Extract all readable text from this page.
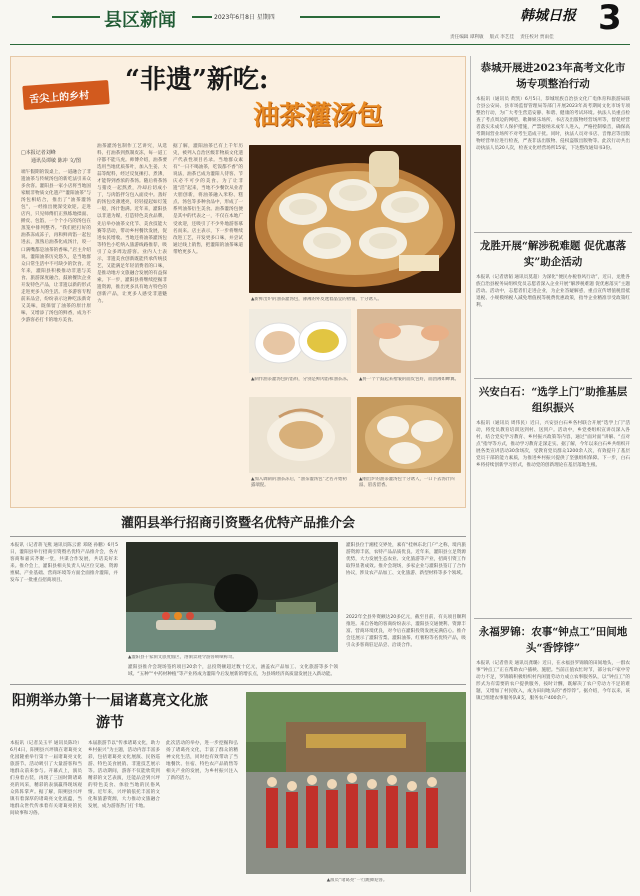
县区新闻	2023年6月8日 星期四	韩城日报 3
责任编辑 谭利敏 版式 李艺佳 责任校对 贾雨佳
舌尖上的乡村
“非遗”新吃:
油茶灌汤包
□本报记者刘峰
通讯员谭敏 陈冲 文/图
端午假期的饭桌上，一道融合了非遗油茶与传统汤包的新吃法引来众多食客。灌阳县一家小店将当地国家级非物质文化遗产“灌阳油茶”与汤包相结合，推出了“油茶灌汤包”，一经推出便深受欢迎。走进店内，只见师傅们正熟练地揉面、擀皮、包馅，一个个小巧的汤包在蒸笼中排列整齐。“我们把打好的油茶冻成冻子，再和鲜肉馅一起包进去，蒸熟后油茶化成汤汁，咬一口满嘴都是油茶的香味。”店主介绍说。灌阳油茶历史悠久，是当地群众日常生活中不可缺少的饮食。近年来，灌阳县积极推动非遗与美食、旅游深度融合，鼓励餐饮企业开发特色产品，让非遗以新的形式走进更多人的生活。许多游客专程前来品尝，纷纷表示这种吃法新奇又美味，既保留了油茶的原汁原味，又增添了汤包的鲜香，成为不少游客必打卡的地方美食。
油茶灌汤包制作工艺讲究，从选料、打油茶到熬制皮冻，每一道工序都不能马虎。师傅介绍，油茶要选用当地优质茶叶，加入生姜、大蒜等配料，经过反复捶打、煮沸，才能得到香浓的茶汤。随后将茶汤与猪皮一起熬煮，冷却后切成小丁，与肉馅拌匀包入面皮中。蒸好的汤包皮薄透亮，轻轻提起如灯笼一般，汤汁饱满。近年来，灌阳县以非遗为媒，打造特色美食品牌，先后举办油茶文化节、美食技能大赛等活动，带动乡村餐饮发展，促进农民增收。当地还将油茶灌汤包等特色小吃纳入旅游线路推荐，吸引了众多周边游客。业内人士表示，非遗美食创新既能传承传统技艺，又能满足年轻消费者的口味，是推动地方文旅融合发展的有益探索。下一步，灌阳县将继续挖掘非遗资源，推出更多具有地方特色的创新产品，让更多人感受非遗魅力。
据了解，灌阳油茶已有上千年历史，被列入自治区级非物质文化遗产代表性项目名录。当地群众素有“一日不喝油茶，吃饭都不香”的说法，油茶已成为灌阳人待客、节庆必不可少的美食。为了让非遗“活”起来，当地不少餐饮从业者大胆创新，将油茶融入米粉、糕点、汤包等多种食品中，形成了一系列油茶衍生美食。油茶灌汤包便是其中的代表之一，不仅在本地广受欢迎，还吸引了不少外地游客慕名而来。店主表示，下一步将继续改进工艺，开发更多口味，并尝试通过线上销售，把灌阳的油茶味道带给更多人。
▲新鲜出炉的油茶灌汤包，薄薄的外皮透着晶莹的褶皱，十分诱人。
▲制作油茶灌汤包的馅料，分别是鲜肉馅和油茶冻。 ▲将一个个鼓起来褶皱的面皮包好，面团薄如蝉翼。
▲加入调制的油茶冻后，“油茶灌汤包”之名开始初露端倪。
▲刚出炉的油茶灌汤包十分诱人，一口下去汤汁四溢、唇齿留香。
恭城开展进2023年高考文化市场专项整治行动
本报讯（通讯员 黄凯）6月5日，恭城瑶族自治县文化广电体育和旅游局联合县公安局、县市场监督管理局等部门开展2023年高考期间文化市场专项整治行动，为广大考生营造安静、和谐、健康的考试环境。执法人员重点检查了考点周边的网吧、歌舞娱乐场所、书店及出版物经营场所等，督促经营者落实未成年人保护措施，严禁接纳未成年人进入，严格控制噪音，确保高考期间营业场所不对考生造成干扰。同时，执法人员对书店、音像店等出版物经营单位进行检查，严查非法出版物、侵权盗版出版物等。此次行动共出动执法人员20人次，检查文化经营场所15家，下达整改通知书3份。
龙胜开展“解涉税难题 促优惠落实”助企活动
本报讯（记者唐韬 通讯员莫超）为深化“便民办税春风行动”，近日，龙胜各族自治县税务局组织党员志愿者深入企业开展“解涉税难题 促优惠落实”主题活动。活动中，志愿者们走进企业，为企业答疑解惑，重点宣传增值税留抵退税、小规模纳税人减免增值税等税费优惠政策，指导企业精准享受政策红利。
兴安白石：“选学上门”助推基层组织振兴
本报讯（通讯员 周伟民）近日，兴安县白石乡各村联合开展“选学上门”活动，将党员教育培训送到村、送到户。活动中，乡党委组织宣讲员深入各村，结合党史学习教育、乡村振兴政策等内容，通过“面对面”讲解、“点对点”指导等方式，推动学习教育走深走实。据了解，今年以来白石乡共组织开展各类宣讲活动30余场次，受教育党员群众1200余人次，有效提升了基层党员干部的能力素质，为推进乡村振兴提供了坚强组织保障。下一步，白石乡将持续创新学习形式，推动党的创新理论在基层落地生根。
永福罗锦：农事“钟点工”田间地头“香饽饽”
本报讯（记者曾炎 通讯员龚璐）近日，在永福县罗锦镇的田间地头，一群农事“钟点工”正在帮助农户插秧、施肥。当前正值农忙时节，部分农户家中劳动力不足，罗锦镇积极组织村内闲置劳动力成立农事服务队，以“钟点工”的形式为有需要的农户提供服务，按时计酬，既解决了农户劳动力不足的难题，又增加了村民收入，成为田间地头的“香饽饽”。据介绍，今年以来，该镇已组建农事服务队8支，服务农户400余户。
灌阳县举行招商引资暨名优特产品推介会
本报讯（记者蒋飞燕 通讯员陈云蕾 邓晓 孙鹏）6月5日，灌阳县举行招商引资暨名优特产品推介会，各方客商和嘉宾齐聚一堂，共谋合作发展，共话美好未来。推介会上，灌阳县相关负责人从区位交通、资源禀赋、产业基础、营商环境等方面全面推介灌阳，并发布了一批重点招商项目。
▲灌阳县千家洞文旅度假区，溶洞景观令游客啧啧称奇。
灌阳县位于湘桂交界处，素有“桂林东北门户”之称，境内旅游资源丰富，农特产品品质优良。近年来，灌阳县立足资源优势，大力发展生态农业、文化旅游等产业，招商引资工作取得显著成效。推介会现场，多家企业与灌阳县签订了合作协议，涉及农产品加工、文化旅游、新型材料等多个领域。
2022年全县外资额达20多亿元，截至目前，有关项目顺利推进。来自各地的客商纷纷表示，灌阳县交通便利、资源丰富、营商环境优良，对今后在灌阳投资发展充满信心。推介会还展示了灌阳雪梨、灌阳油茶、红薯粉等名优特产品，吸引众多客商驻足品尝、洽谈合作。
灌阳县推介会现场签约项目20余个，总投资额超过数十亿元，涵盖农产品加工、文化旅游等多个领域。“五种”“中药材种植”等产业将成为灌阳今后发展新的增长点，为县域经济高质量发展注入新动能。
阳朔举办第十一届诸葛亮文化旅游节
本报讯（记者吴玉平 通讯员陈玲）6月4日，阳朔县兴坪镇在诸葛亮文化园隆重举行第十一届诸葛亮文化旅游节。活动吸引了大量游客和当地群众前来参与。开幕式上，演员们身着古装，再现了三国时期诸葛亮的风采，精彩的表演赢得现场观众阵阵掌声。据了解，阳朔县兴坪镇有着深厚的诸葛亮文化底蕴，当地群众世代传承着有关诸葛亮的民间故事和习俗。
本届旅游节以“传承诸葛文化，助力乡村振兴”为主题，活动内容丰富多彩，包括诸葛亮文化展演、民俗巡游、特色美食展销、非遗技艺展示等。活动期间，游客不仅能欣赏到精彩的文艺表演，还能品尝到兴坪的特色美食、体验当地的民俗风情。近年来，兴坪镇依托丰富的文化和旅游资源，大力推动文旅融合发展，成为游客热门打卡地。
此次活动的举办，进一步挖掘和弘扬了诸葛亮文化，丰富了群众的精神文化生活，同时也有效带动了当地餐饮、住宿、特色农产品销售等相关产业的发展，为乡村振兴注入了新的活力。
▲演员“诸葛亮”一行跳舞迎客。
